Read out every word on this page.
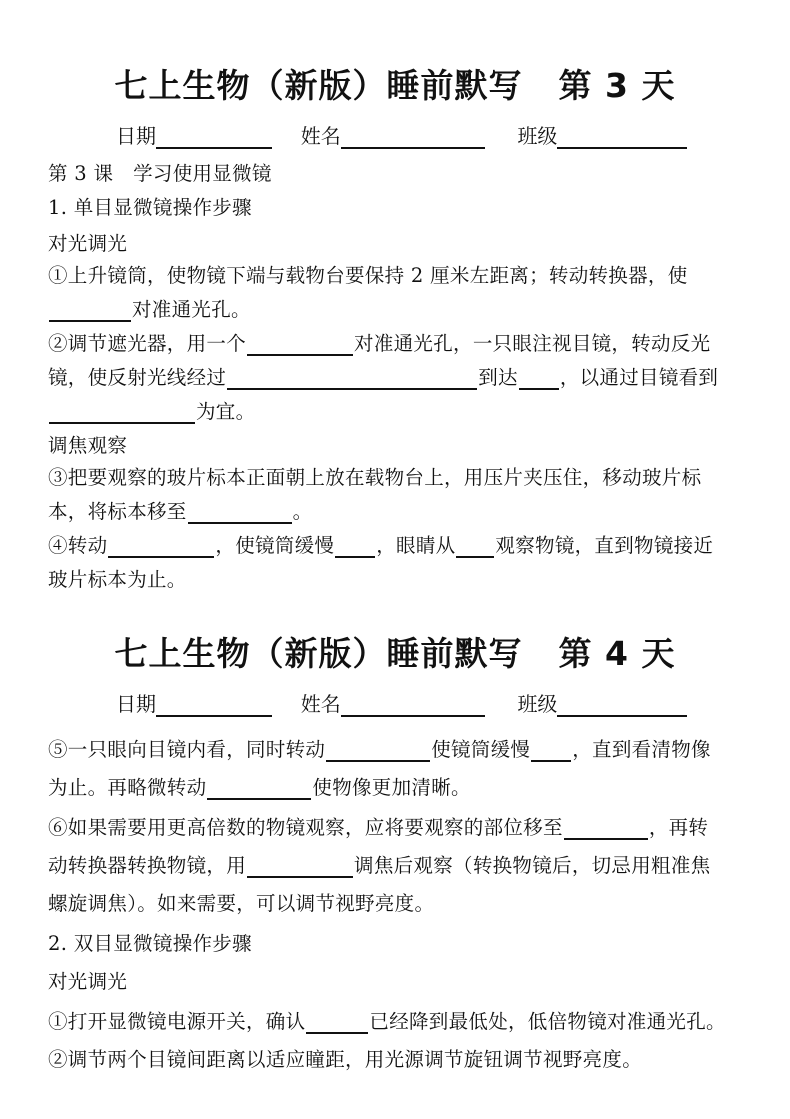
七上生物（新版）睡前默写 第 3 天
日期	姓名	班级
第 3 课　学习使用显微镜
1. 单目显微镜操作步骤
对光调光
①上升镜筒，使物镜下端与载物台要保持 2 厘米左距离；转动转换器，使
对准通光孔。
②调节遮光器，用一个	对准通光孔，一只眼注视目镜，转动反光
镜，使反射光线经过	到达 ，以通过目镜看到
为宜。
调焦观察
③把要观察的玻片标本正面朝上放在载物台上，用压片夹压住，移动玻片标
本，将标本移至	。
④转动	，使镜筒缓慢 ，眼睛从 观察物镜，直到物镜接近
玻片标本为止。
七上生物（新版）睡前默写 第 4 天
日期	姓名	班级
⑤一只眼向目镜内看，同时转动	使镜筒缓慢 ，直到看清物像
为止。再略微转动	使物像更加清晰。
⑥如果需要用更高倍数的物镜观察，应将要观察的部位移至	，再转
动转换器转换物镜，用	调焦后观察（转换物镜后，切忌用粗准焦
螺旋调焦）。如来需要，可以调节视野亮度。
2. 双目显微镜操作步骤
对光调光
①打开显微镜电源开关，确认	已经降到最低处，低倍物镜对准通光孔。
②调节两个目镜间距离以适应瞳距，用光源调节旋钮调节视野亮度。
